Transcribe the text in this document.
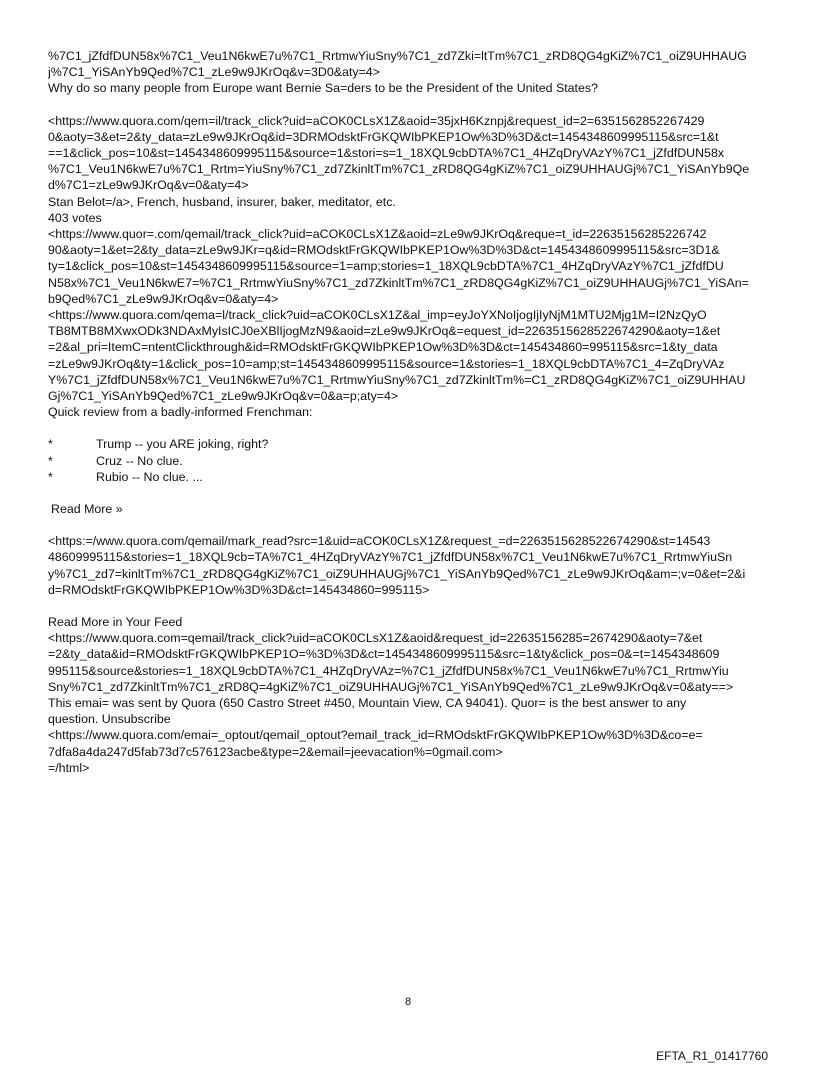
%7C1_jZfdfDUN58x%7C1_Veu1N6kwE7u%7C1_RrtmwYiuSny%7C1_zd7Zki=ltTm%7C1_zRD8QG4gKiZ%7C1_oiZ9UHHAUG
j%7C1_YiSAnYb9Qed%7C1_zLe9w9JKrOq&v=3D0&aty=4>
Why do so many people from Europe want Bernie Sa=ders to be the President of the United States?
<https://www.quora.com/qem=il/track_click?uid=aCOK0CLsX1Z&aoid=35jxH6Kznpj&request_id=2=6351562852267429
0&aoty=3&et=2&ty_data=zLe9w9JKrOq&id=3DRMOdsktFrGKQWIbPKEP1Ow%3D%3D&ct=1454348609995115&src=1&t
==1&click_pos=10&st=1454348609995115&source=1&stori=s=1_18XQL9cbDTA%7C1_4HZqDryVAzY%7C1_jZfdfDUN58x
%7C1_Veu1N6kwE7u%7C1_Rrtm=YiuSny%7C1_zd7ZkinltTm%7C1_zRD8QG4gKiZ%7C1_oiZ9UHHAUGj%7C1_YiSAnYb9Qe
d%7C1=zLe9w9JKrOq&v=0&aty=4>
Stan Belot=/a>, French, husband, insurer, baker, meditator, etc.
403 votes
<https://www.quor=.com/qemail/track_click?uid=aCOK0CLsX1Z&aoid=zLe9w9JKrOq&reque=t_id=22635156285226742
90&aoty=1&et=2&ty_data=zLe9w9JKr=q&id=RMOdsktFrGKQWIbPKEP1Ow%3D%3D&ct=1454348609995115&src=3D1&
ty=1&click_pos=10&st=1454348609995115&source=1=amp;stories=1_18XQL9cbDTA%7C1_4HZqDryVAzY%7C1_jZfdfDU
N58x%7C1_Veu1N6kwE7=%7C1_RrtmwYiuSny%7C1_zd7ZkinltTm%7C1_zRD8QG4gKiZ%7C1_oiZ9UHHAUGj%7C1_YiSAn=
b9Qed%7C1_zLe9w9JKrOq&v=0&aty=4>
<https://www.quora.com/qema=l/track_click?uid=aCOK0CLsX1Z&al_imp=eyJoYXNoIjogIjIyNjM1MTU2Mjg1M=I2NzQyO
TB8MTB8MXwxODk3NDAxMyIsICJ0eXBlIjogMzN9&aoid=zLe9w9JKrOq&=equest_id=2263515628522674290&aoty=1&et
=2&al_pri=ItemC=ntentClickthrough&id=RMOdsktFrGKQWIbPKEP1Ow%3D%3D&ct=145434860=995115&src=1&ty_data
=zLe9w9JKrOq&ty=1&click_pos=10=amp;st=1454348609995115&source=1&stories=1_18XQL9cbDTA%7C1_4=ZqDryVAz
Y%7C1_jZfdfDUN58x%7C1_Veu1N6kwE7u%7C1_RrtmwYiuSny%7C1_zd7ZkinltTm%=C1_zRD8QG4gKiZ%7C1_oiZ9UHHAU
Gj%7C1_YiSAnYb9Qed%7C1_zLe9w9JKrOq&v=0&a=p;aty=4>
Quick review from a badly-informed Frenchman:
*	Trump -- you ARE joking, right?
*	Cruz -- No clue.
*	Rubio -- No clue. ...
Read More »
<https:=/www.quora.com/qemail/mark_read?src=1&uid=aCOK0CLsX1Z&request_=d=2263515628522674290&st=14543
48609995115&stories=1_18XQL9cb=TA%7C1_4HZqDryVAzY%7C1_jZfdfDUN58x%7C1_Veu1N6kwE7u%7C1_RrtmwYiuSn
y%7C1_zd7=kinltTm%7C1_zRD8QG4gKiZ%7C1_oiZ9UHHAUGj%7C1_YiSAnYb9Qed%7C1_zLe9w9JKrOq&am=;v=0&et=2&i
d=RMOdsktFrGKQWIbPKEP1Ow%3D%3D&ct=145434860=995115>
Read More in Your Feed
<https://www.quora.com=qemail/track_click?uid=aCOK0CLsX1Z&aoid&request_id=22635156285=2674290&aoty=7&et
=2&ty_data&id=RMOdsktFrGKQWIbPKEP1O=%3D%3D&ct=1454348609995115&src=1&ty&click_pos=0&=t=1454348609
995115&source&stories=1_18XQL9cbDTA%7C1_4HZqDryVAz=%7C1_jZfdfDUN58x%7C1_Veu1N6kwE7u%7C1_RrtmwYiu
Sny%7C1_zd7ZkinltTm%7C1_zRD8Q=4gKiZ%7C1_oiZ9UHHAUGj%7C1_YiSAnYb9Qed%7C1_zLe9w9JKrOq&v=0&aty==>
This emai= was sent by Quora (650 Castro Street #450, Mountain View, CA 94041). Quor= is the best answer to any
question. Unsubscribe
<https://www.quora.com/emai=_optout/qemail_optout?email_track_id=RMOdsktFrGKQWIbPKEP1Ow%3D%3D&co=e=
7dfa8a4da247d5fab73d7c576123acbe&type=2&email=jeevacation%=0gmail.com>
=/html>
8
EFTA_R1_01417760
